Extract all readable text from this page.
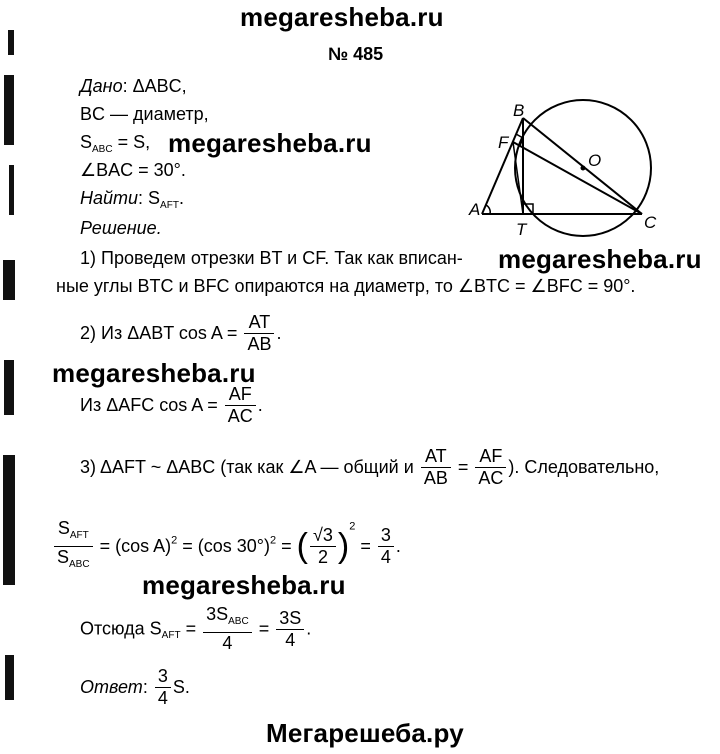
megaresheba.ru
megaresheba.ru
megaresheba.ru
megaresheba.ru
megaresheba.ru
Мегарешеба.ру
№ 485
Дано: ΔABC,
BC — диаметр,
$S_{ABC} = S$,
∠BAC = 30°.
Найти: $S_{AFT}$.
Решение.
B
F
O
A
C
T
1) Проведем отрезки BT и CF. Так как вписан-
ные углы BTC и BFC опираются на диаметр, то ∠BTC = ∠BFC = 90°.
2) Из ΔABT $\cos A = \frac{AT}{AB}$ .
Из ΔAFC $\cos A = \frac{AF}{AC}$ .
3) ΔAFT ~ ΔABC (так как ∠A — общий и $\frac{AT}{AB} = \frac{AF}{AC}$ ). Следовательно,
$\frac{S_{AFT}}{S_{ABC}} = (\cos$ A)$^2$ = (cos 30°)$^2$ = ( $\frac{√3}{2} )^2 = \frac{3}{4}$ .
Отсюда $S_{AFT} = \frac{3S_{ABC}}{4} = \frac{3S}{4}$ .
Ответ: $\frac{3}{4} S$.
